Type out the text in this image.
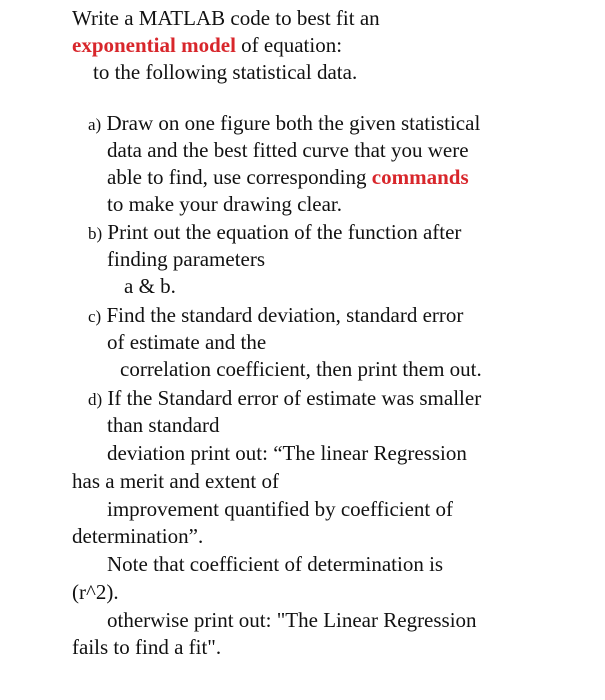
Write a MATLAB code to best fit an
exponential model of equation:
to the following statistical data.
a) Draw on one figure both the given statistical
data and the best fitted curve that you were
able to find, use corresponding commands
to make your drawing clear.
b) Print out the equation of the function after
finding parameters
a & b.
c) Find the standard deviation, standard error
of estimate and the
correlation coefficient, then print them out.
d) If the Standard error of estimate was smaller
than standard
deviation print out: “The linear Regression
has a merit and extent of
improvement quantified by coefficient of
determination”.
Note that coefficient of determination is
(r^2).
otherwise print out: "The Linear Regression
fails to find a fit".
